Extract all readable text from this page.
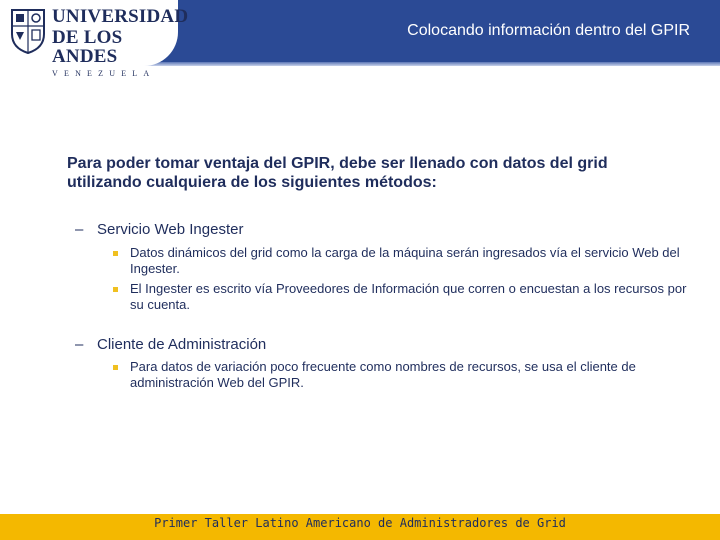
UNIVERSIDAD
DE LOS ANDES
VENEZUELA
Colocando información dentro del GPIR
Para poder tomar ventaja del GPIR, debe ser llenado con datos del grid utilizando cualquiera de los siguientes métodos:
– Servicio Web Ingester
Datos dinámicos del grid como la carga de la máquina serán ingresados vía el servicio Web del Ingester.
El Ingester es escrito vía Proveedores de Información que corren o encuestan a los recursos por su cuenta.
– Cliente de Administración
Para datos de variación poco frecuente como nombres de recursos, se usa el cliente de administración Web del GPIR.
Primer Taller Latino Americano de Administradores de Grid
